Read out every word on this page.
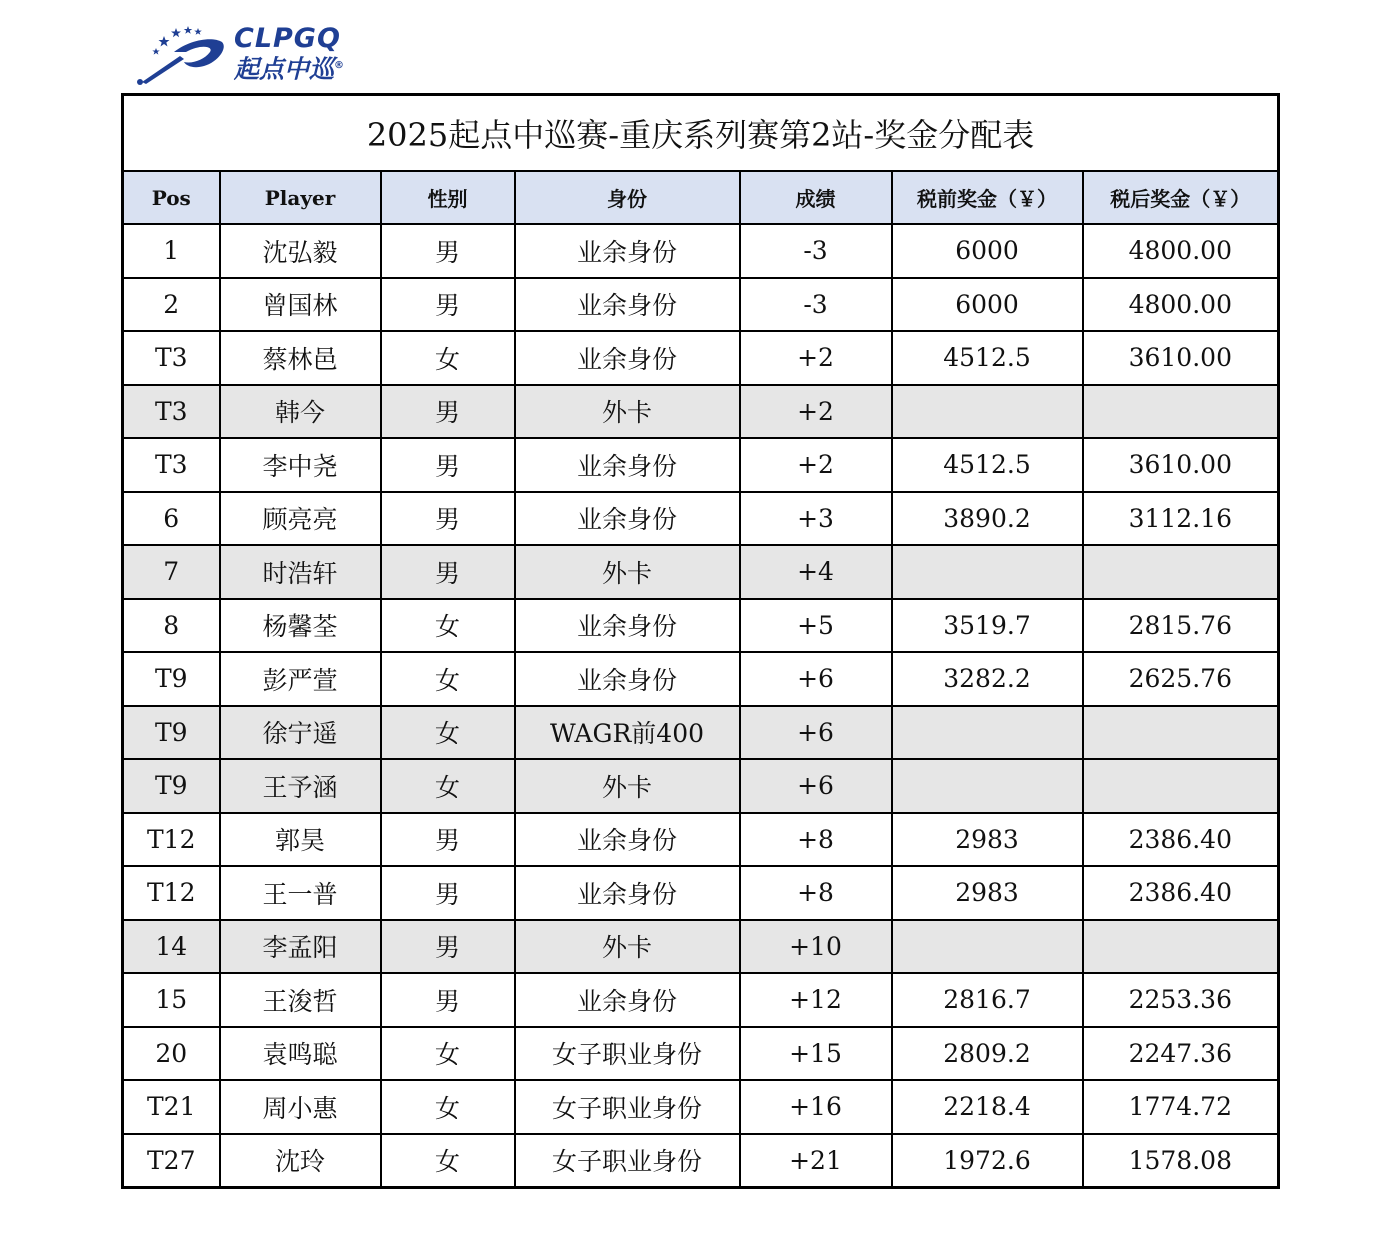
CLPGQ
起点中巡®
2025起点中巡赛-重庆系列赛第2站-奖金分配表						
Pos	Player	性别	身份	成绩	税前奖金（￥）	税后奖金（￥）
1	沈弘毅	男	业余身份	-3	6000	4800.00
2	曾国林	男	业余身份	-3	6000	4800.00
T3	蔡林邑	女	业余身份	+2	4512.5	3610.00
T3	韩今	男	外卡	+2		
T3	李中尧	男	业余身份	+2	4512.5	3610.00
6	顾亮亮	男	业余身份	+3	3890.2	3112.16
7	时浩轩	男	外卡	+4		
8	杨馨荃	女	业余身份	+5	3519.7	2815.76
T9	彭严萱	女	业余身份	+6	3282.2	2625.76
T9	徐宁遥	女	WAGR前400	+6		
T9	王予涵	女	外卡	+6		
T12	郭昊	男	业余身份	+8	2983	2386.40
T12	王一普	男	业余身份	+8	2983	2386.40
14	李孟阳	男	外卡	+10		
15	王浚哲	男	业余身份	+12	2816.7	2253.36
20	袁鸣聪	女	女子职业身份	+15	2809.2	2247.36
T21	周小惠	女	女子职业身份	+16	2218.4	1774.72
T27	沈玲	女	女子职业身份	+21	1972.6	1578.08
